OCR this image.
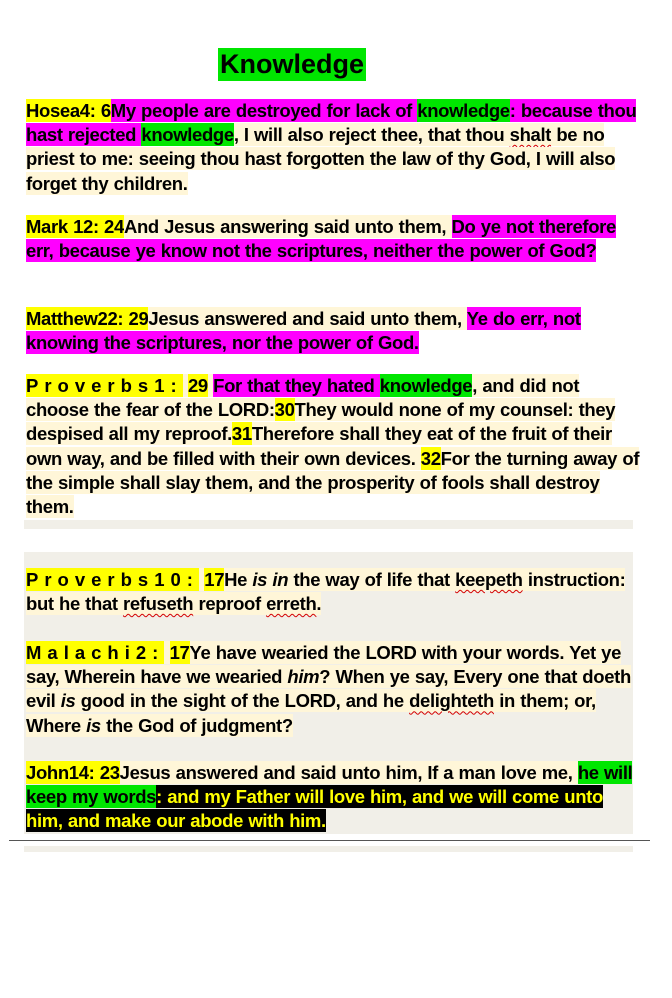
Knowledge

Hosea4: 6My people are destroyed for lack of knowledge: because thou hast rejected knowledge, I will also reject thee, that thou shalt be no priest to me: seeing thou hast forgotten the law of thy God, I will also forget thy children.

Mark 12: 24And Jesus answering said unto them, Do ye not therefore err, because ye know not the scriptures, neither the power of God?

Matthew22: 29Jesus answered and said unto them, Ye do err, not knowing the scriptures, nor the power of God.

Proverbs1: 29 For that they hated knowledge, and did not choose the fear of the LORD:30They would none of my counsel: they despised all my reproof.31Therefore shall they eat of the fruit of their own way, and be filled with their own devices. 32For the turning away of the simple shall slay them, and the prosperity of fools shall destroy them.

Proverbs10: 17He is in the way of life that keepeth instruction: but he that refuseth reproof erreth.

Malachi2: 17Ye have wearied the LORD with your words. Yet ye say, Wherein have we wearied him? When ye say, Every one that doeth evil is good in the sight of the LORD, and he delighteth in them; or, Where is the God of judgment?

John14: 23Jesus answered and said unto him, If a man love me, he will keep my words: and my Father will love him, and we will come unto him, and make our abode with him.
